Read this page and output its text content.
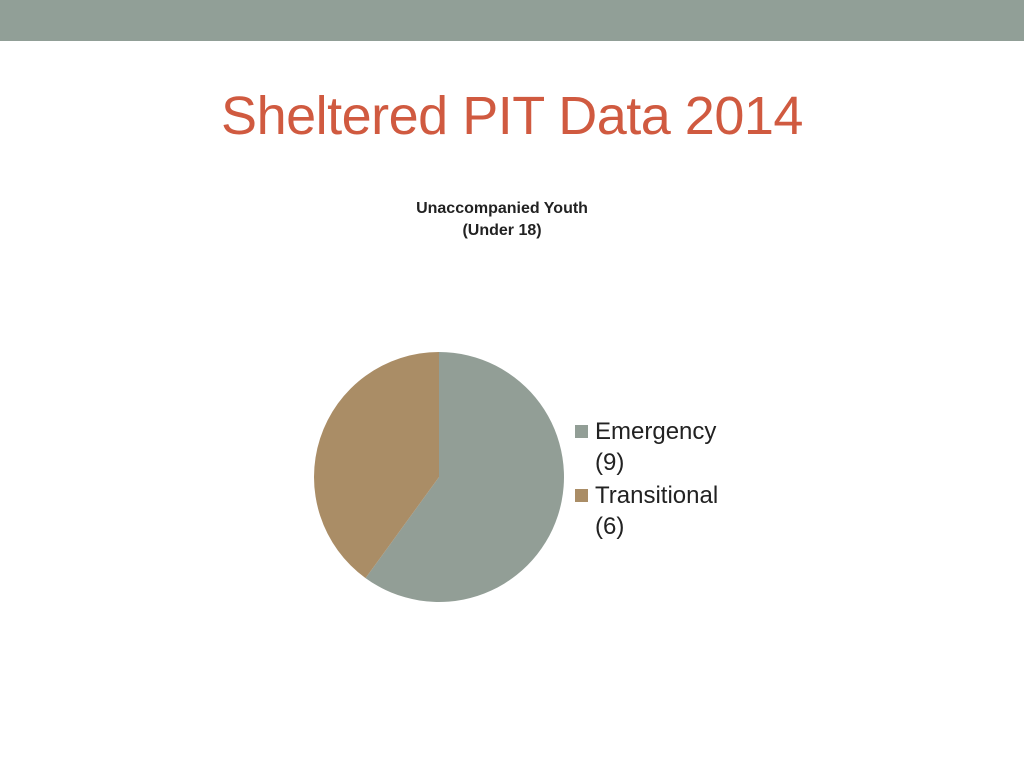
Sheltered PIT Data 2014
Unaccompanied Youth
(Under 18)
Emergency
(9)
Transitional
(6)
